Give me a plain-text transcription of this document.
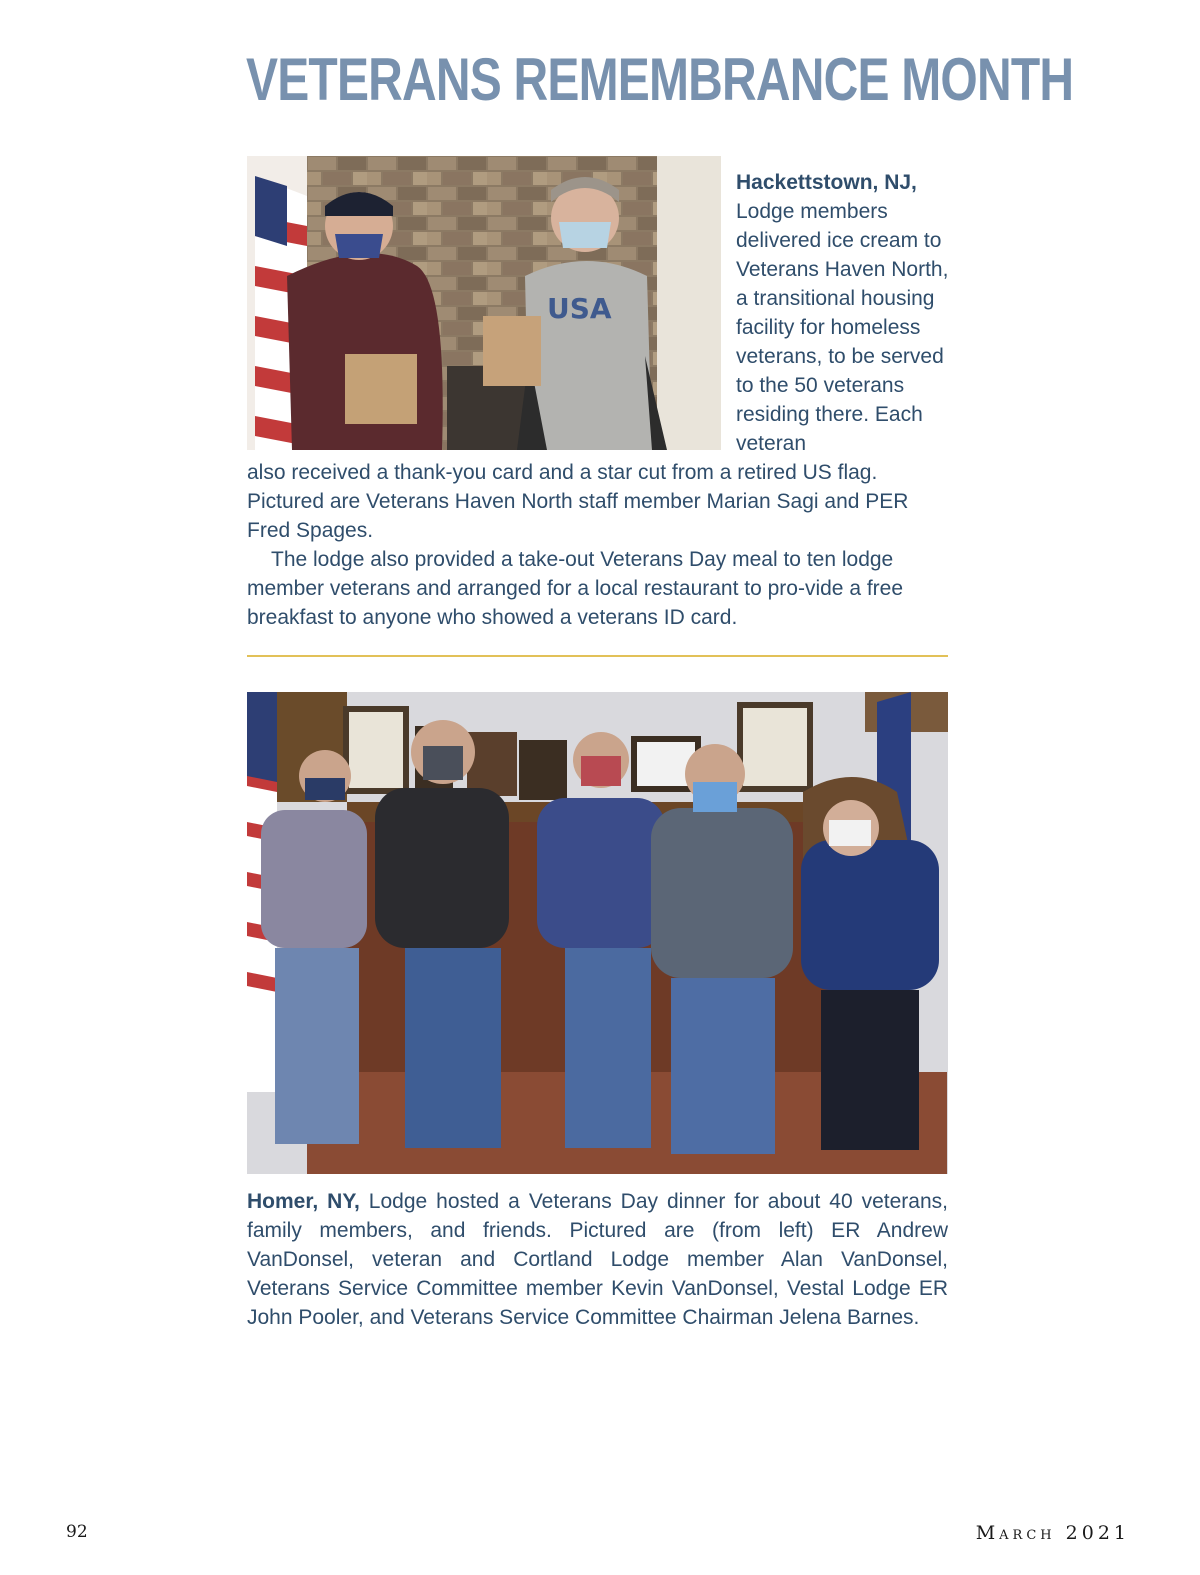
VETERANS REMEMBRANCE MONTH
USA

Hackettstown, NJ, Lodge members delivered ice cream to Veterans Haven North, a transitional housing facility for homeless veterans, to be served to the 50 veterans residing there. Each veteran

also received a thank-you card and a star cut from a retired US flag. Pictured are Veterans Haven North staff member Marian Sagi and PER Fred Spages.

The lodge also provided a take-out Veterans Day meal to ten lodge member veterans and arranged for a local restaurant to pro-vide a free breakfast to anyone who showed a veterans ID card.

Homer, NY, Lodge hosted a Veterans Day dinner for about 40 veterans, family members, and friends. Pictured are (from left) ER Andrew VanDonsel, veteran and Cortland Lodge member Alan VanDonsel, Veterans Service Committee member Kevin VanDonsel, Vestal Lodge ER John Pooler, and Veterans Service Committee Chairman Jelena Barnes.

92	March 2021
